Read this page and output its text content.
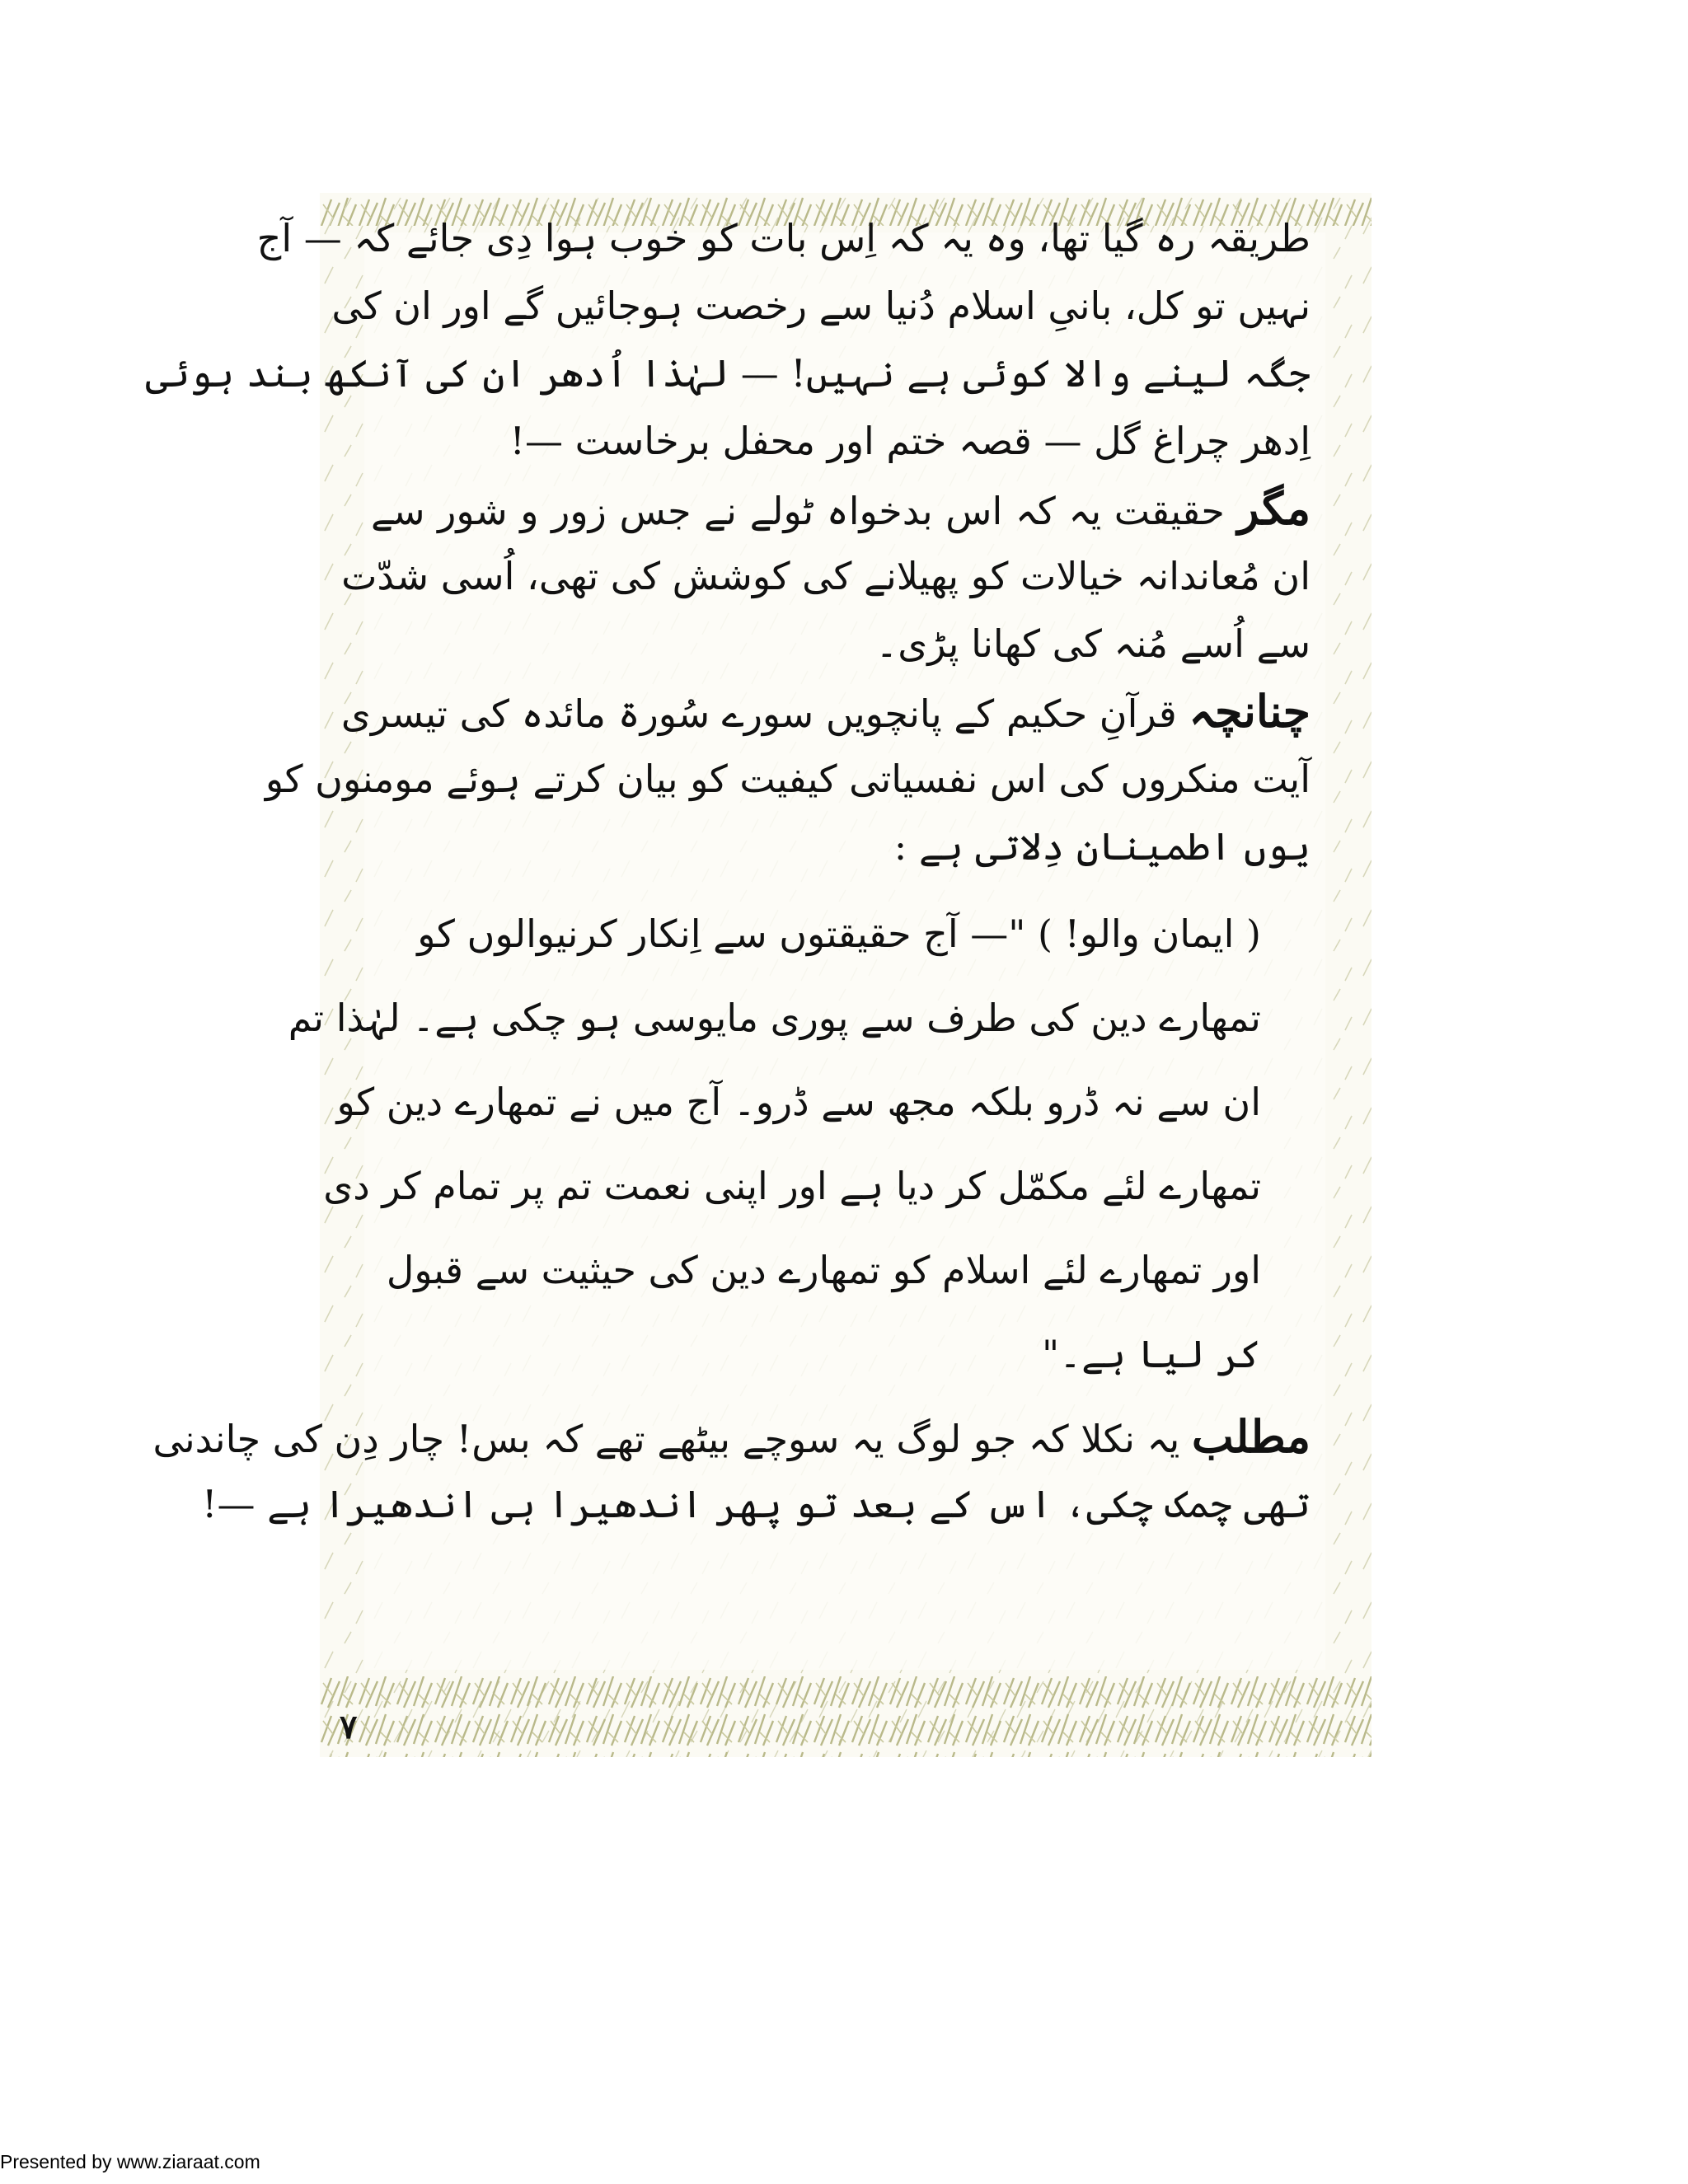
طریقہ رہ گیا تھا، وہ یہ کہ اِس بات کو خوب ہوا دِی جائے کہ — آج
نہیں تو کل، بانیِ اسلام دُنیا سے رخصت ہوجائیں گے اور ان کی
جگہ لینے والا کوئی ہے نہیں! — لہٰذا اُدھر ان کی آنکھ بند ہوئی
اِدھر چراغ گل — قصہ ختم اور محفل برخاست —!
مگر حقیقت یہ کہ اس بدخواہ ٹولے نے جس زور و شور سے
ان مُعاندانہ خیالات کو پھیلانے کی کوشش کی تھی، اُسی شدّت
سے اُسے مُنہ کی کھانا پڑی۔
چنانچہ قرآنِ حکیم کے پانچویں سورے سُورۃ مائدہ کی تیسری
آیت منکروں کی اس نفسیاتی کیفیت کو بیان کرتے ہوئے مومنوں کو
یوں اطمینان دِلاتی ہے :
( ایمان والو! ) "— آج حقیقتوں سے اِنکار کرنیوالوں کو
تمھارے دین کی طرف سے پوری مایوسی ہو چکی ہے۔ لہٰذا تم
ان سے نہ ڈرو بلکہ مجھ سے ڈرو۔ آج میں نے تمھارے دین کو
تمھارے لئے مکمّل کر دیا ہے اور اپنی نعمت تم پر تمام کر دی
اور تمھارے لئے اسلام کو تمھارے دین کی حیثیت سے قبول
کر لیا ہے۔"
مطلب یہ نکلا کہ جو لوگ یہ سوچے بیٹھے تھے کہ بس! چار دِن کی چاندنی
تھی چمک چکی، اس کے بعد تو پھر اندھیرا ہی اندھیرا ہے —!
۷
Presented by www.ziaraat.com
